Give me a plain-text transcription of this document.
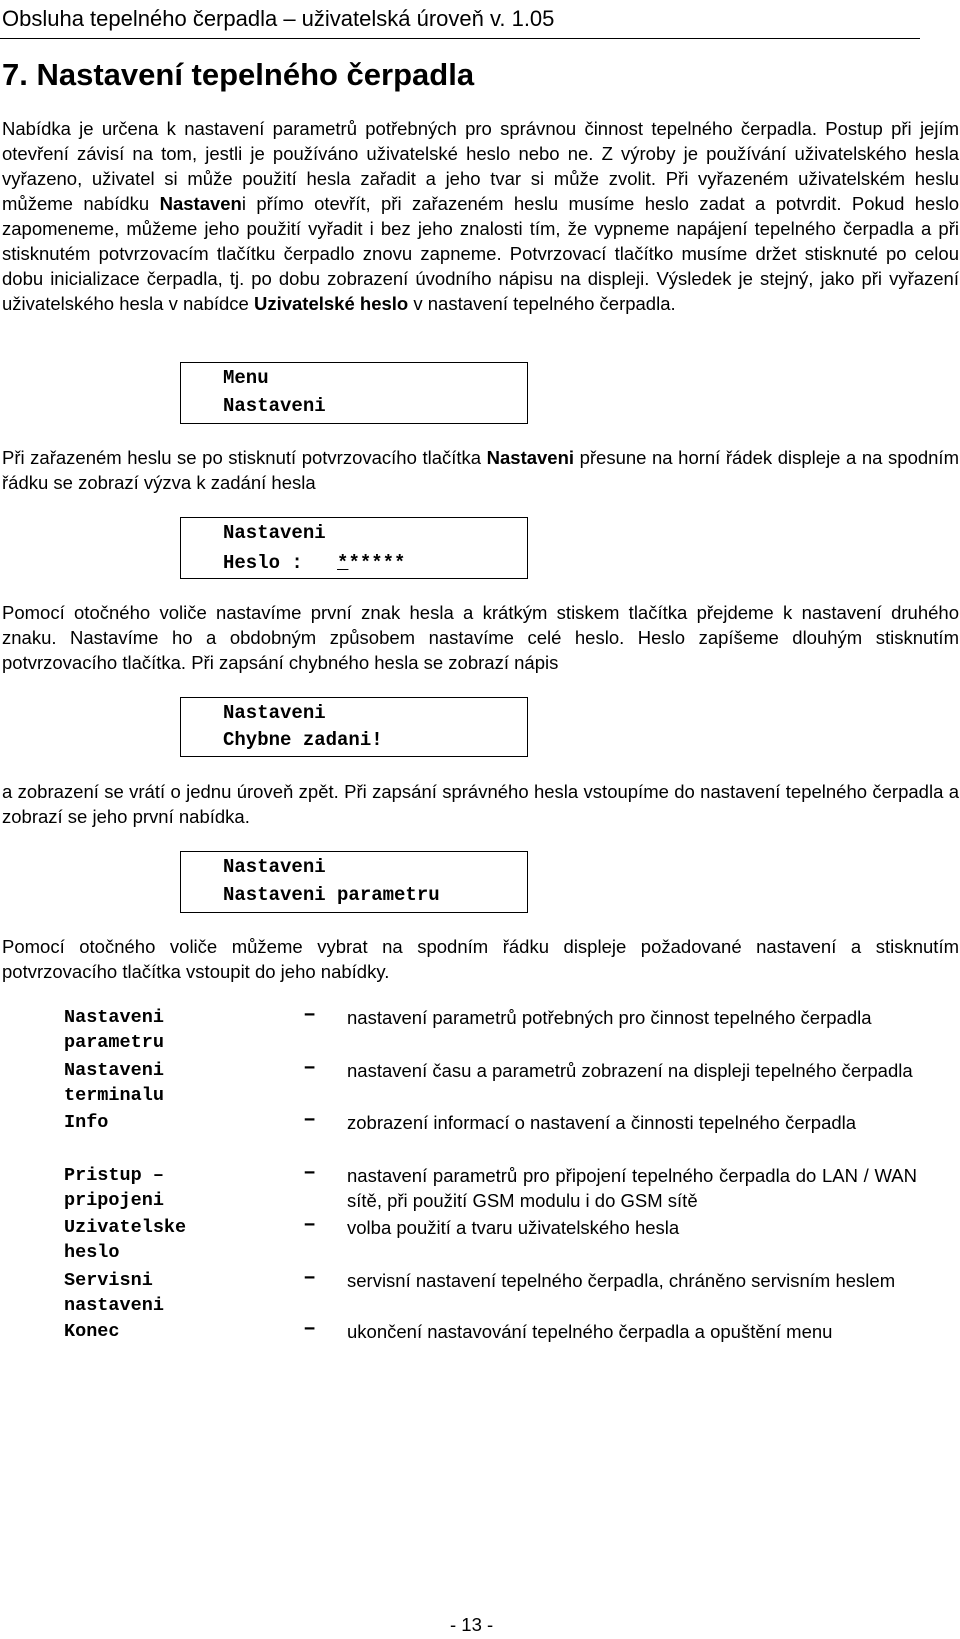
Obsluha tepelného čerpadla – uživatelská úroveň v. 1.05
7. Nastavení tepelného čerpadla

Nabídka je určena k nastavení parametrů potřebných pro správnou činnost tepelného čerpadla. Postup při jejím otevření závisí na tom, jestli je používáno uživatelské heslo nebo ne. Z výroby je používání uživatelského hesla vyřazeno, uživatel si může použití hesla zařadit a jeho tvar si může zvolit. Při vyřazeném uživatelském heslu můžeme nabídku Nastaveni přímo otevřít, při zařazeném heslu musíme heslo zadat a potvrdit. Pokud heslo zapomeneme, můžeme jeho použití vyřadit i bez jeho znalosti tím, že vypneme napájení tepelného čerpadla a při stisknutém potvrzovacím tlačítku čerpadlo znovu zapneme. Potvrzovací tlačítko musíme držet stisknuté po celou dobu inicializace čerpadla, tj. po dobu zobrazení úvodního nápisu na displeji. Výsledek je stejný, jako při vyřazení uživatelského hesla v nabídce Uzivatelské heslo v nastavení tepelného čerpadla.

Menu
Nastaveni

Při zařazeném heslu se po stisknutí potvrzovacího tlačítka Nastaveni přesune na horní řádek displeje a na spodním řádku se zobrazí výzva k zadání hesla

Nastaveni
Heslo :   ******

Pomocí otočného voliče nastavíme první znak hesla a krátkým stiskem tlačítka přejdeme k nastavení druhého znaku. Nastavíme ho a obdobným způsobem nastavíme celé heslo. Heslo zapíšeme dlouhým stisknutím potvrzovacího tlačítka. Při zapsání chybného hesla se zobrazí nápis

Nastaveni
Chybne zadani!

a zobrazení se vrátí o jednu úroveň zpět. Při zapsání správného hesla vstoupíme do nastavení tepelného čerpadla a zobrazí se jeho první nabídka.

Nastaveni
Nastaveni parametru

Pomocí otočného voliče můžeme vybrat na spodním řádku displeje požadované nastavení a stisknutím potvrzovacího tlačítka vstoupit do jeho nabídky.

Nastaveni
parametru
– nastavení parametrů potřebných pro činnost tepelného čerpadla
Nastaveni
terminalu
– nastavení času a parametrů zobrazení na displeji tepelného čerpadla
Info	– zobrazení informací o nastavení a činnosti tepelného čerpadla
Pristup –
pripojeni
– nastavení parametrů pro připojení tepelného čerpadla do LAN / WAN sítě, při použití GSM modulu i do GSM sítě
Uzivatelske
heslo
– volba použití a tvaru uživatelského hesla
Servisni
nastaveni
– servisní nastavení tepelného čerpadla, chráněno servisním heslem
Konec	– ukončení nastavování tepelného čerpadla a opuštění menu
- 13 -
